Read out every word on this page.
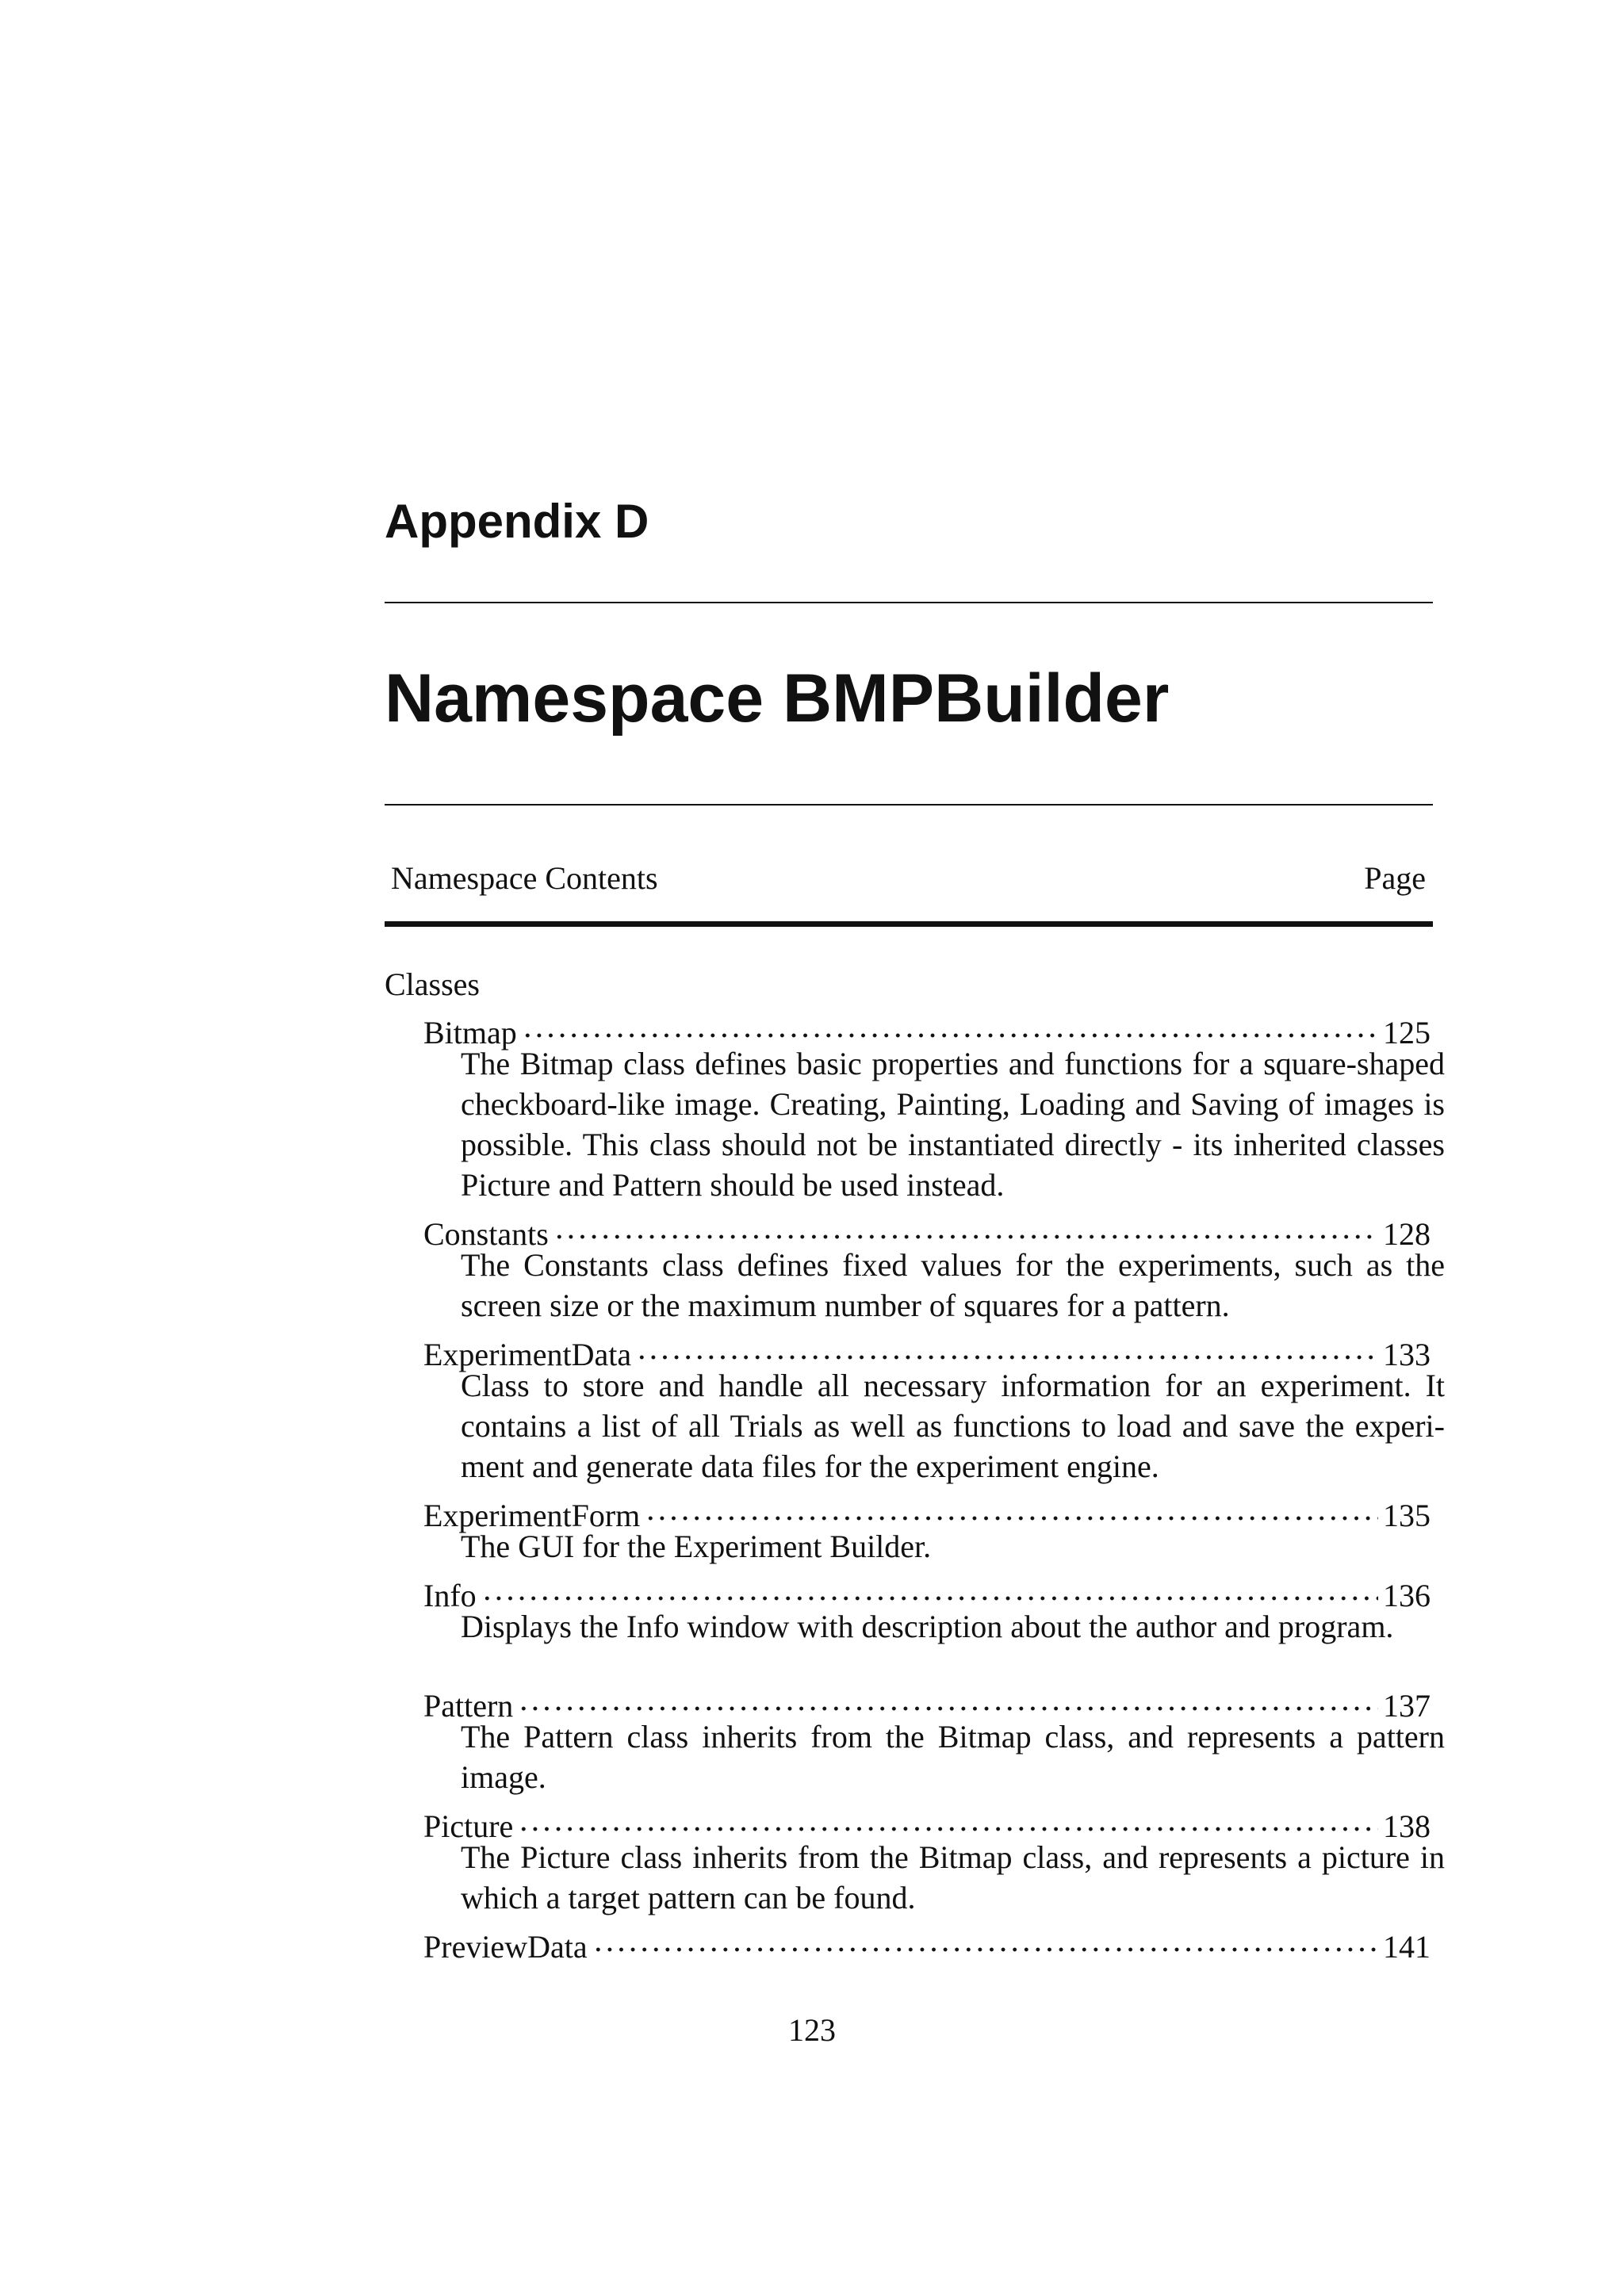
Appendix D
Namespace BMPBuilder
Namespace Contents	Page
Classes
Bitmap	125
The Bitmap class defines basic properties and functions for a square-shaped checkboard-like image. Creating, Painting, Loading and Saving of images is possible. This class should not be instantiated directly - its inherited classes Picture and Pattern should be used instead.
Constants	128
The Constants class defines fixed values for the experiments, such as the screen size or the maximum number of squares for a pattern.
ExperimentData	133
Class to store and handle all necessary information for an experiment. It contains a list of all Trials as well as functions to load and save the experiment and generate data files for the experiment engine.
ExperimentForm	135
The GUI for the Experiment Builder.
Info	136
Displays the Info window with description about the author and program.
Pattern	137
The Pattern class inherits from the Bitmap class, and represents a pattern image.
Picture	138
The Picture class inherits from the Bitmap class, and represents a picture in which a target pattern can be found.
PreviewData	141
123
